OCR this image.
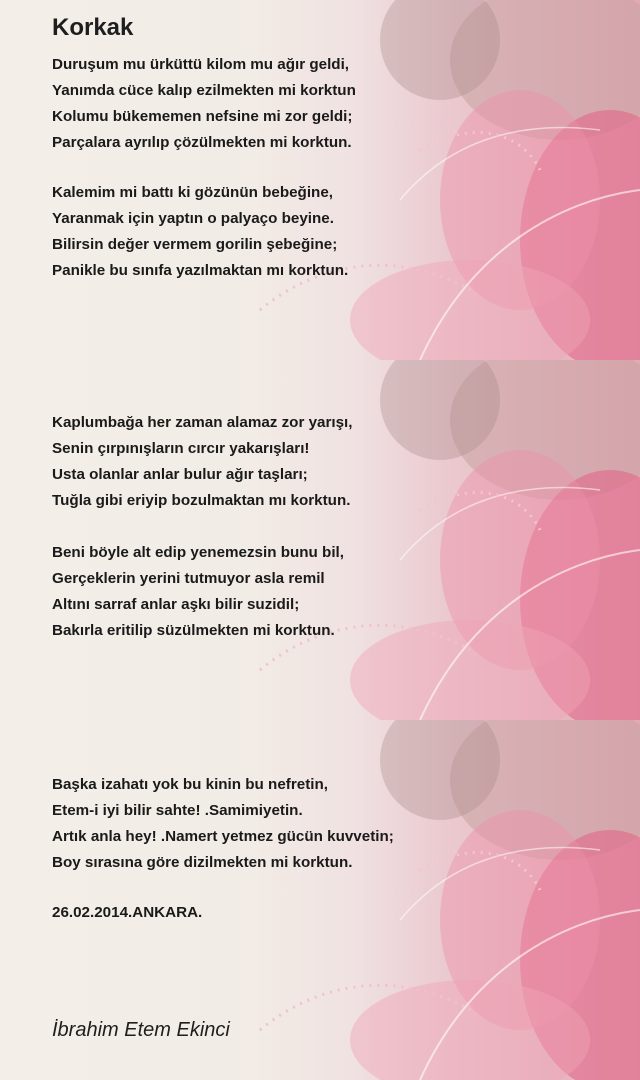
Korkak
Duruşum mu ürküttü kilom mu ağır geldi,
Yanımda cüce kalıp ezilmekten mi korktun
Kolumu bükememen nefsine mi zor geldi;
Parçalara ayrılıp çözülmekten mi korktun.
Kalemim mi battı ki gözünün bebeğine,
Yaranmak için yaptın o palyaço beyine.
Bilirsin değer vermem gorilin şebeğine;
Panikle bu sınıfa yazılmaktan mı korktun.
Kaplumbağa her zaman alamaz zor yarışı,
Senin çırpınışların cırcır yakarışları!
Usta olanlar anlar bulur ağır taşları;
Tuğla gibi eriyip bozulmaktan mı korktun.
Beni böyle alt edip yenemezsin bunu bil,
Gerçeklerin yerini tutmuyor asla remil
Altını sarraf anlar aşkı bilir suzidil;
Bakırla eritilip süzülmekten mi korktun.
Başka izahatı yok bu kinin bu nefretin,
Etem-i iyi bilir sahte! .Samimiyetin.
Artık anla hey! .Namert yetmez gücün kuvvetin;
Boy sırasına göre dizilmekten mi korktun.
26.02.2014.ANKARA.
İbrahim Etem Ekinci
